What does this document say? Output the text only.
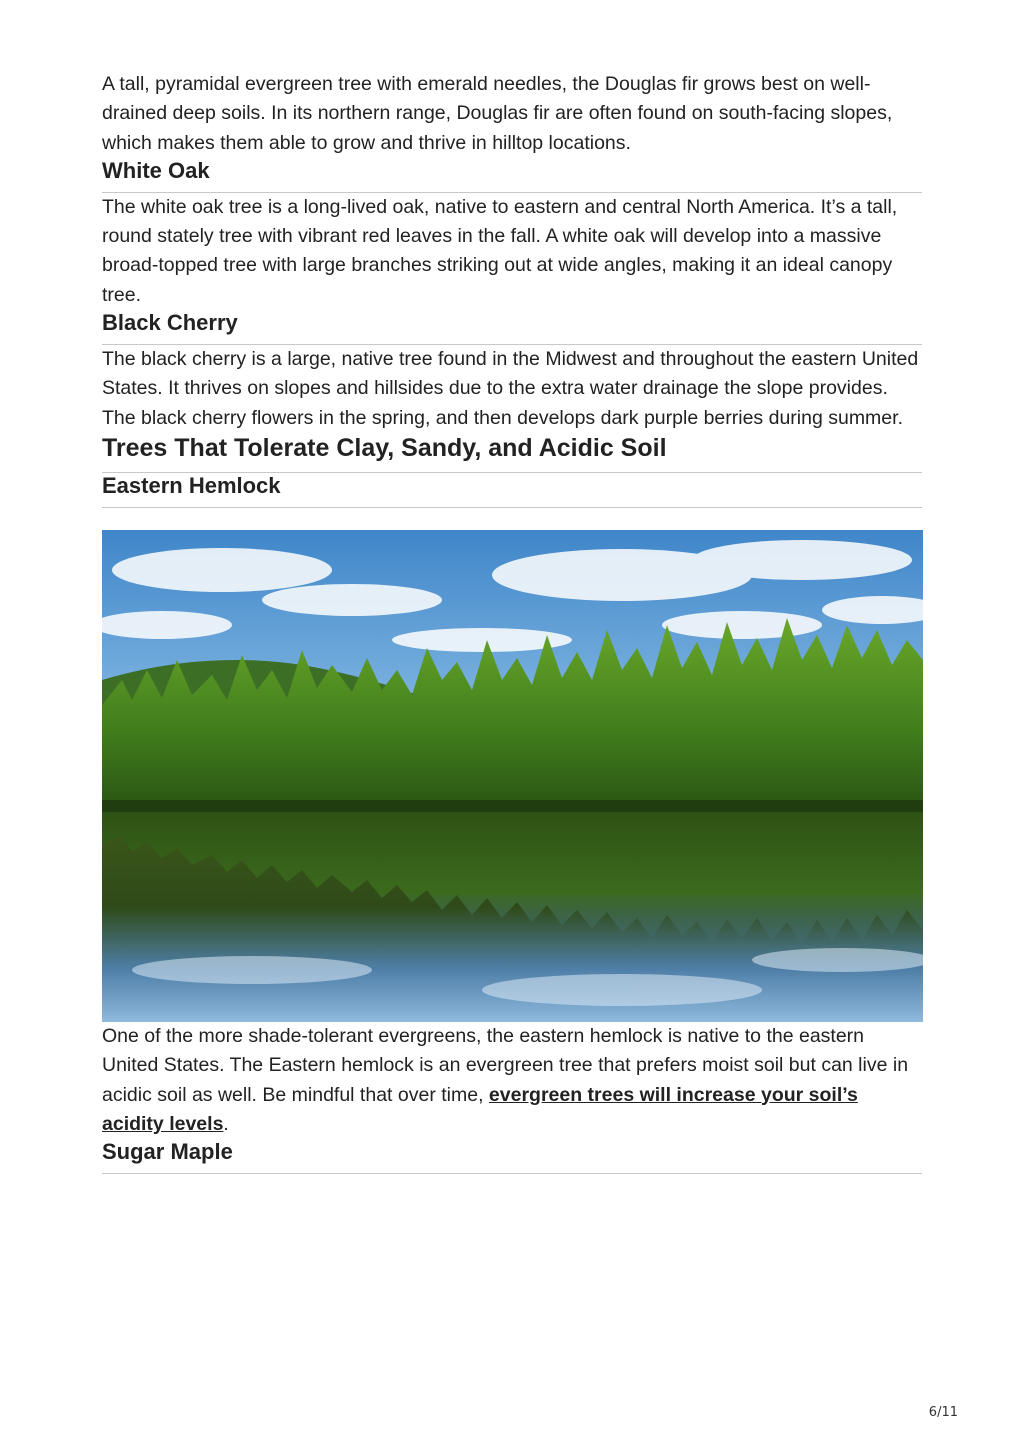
A tall, pyramidal evergreen tree with emerald needles, the Douglas fir grows best on well-drained deep soils. In its northern range, Douglas fir are often found on south-facing slopes, which makes them able to grow and thrive in hilltop locations.

White Oak

The white oak tree is a long-lived oak, native to eastern and central North America. It’s a tall, round stately tree with vibrant red leaves in the fall. A white oak will develop into a massive broad-topped tree with large branches striking out at wide angles, making it an ideal canopy tree.

Black Cherry

The black cherry is a large, native tree found in the Midwest and throughout the eastern United States. It thrives on slopes and hillsides due to the extra water drainage the slope provides. The black cherry flowers in the spring, and then develops dark purple berries during summer.

Trees That Tolerate Clay, Sandy, and Acidic Soil
Eastern Hemlock

One of the more shade-tolerant evergreens, the eastern hemlock is native to the eastern United States. The Eastern hemlock is an evergreen tree that prefers moist soil but can live in acidic soil as well. Be mindful that over time, evergreen trees will increase your soil’s acidity levels.

Sugar Maple
6/11
